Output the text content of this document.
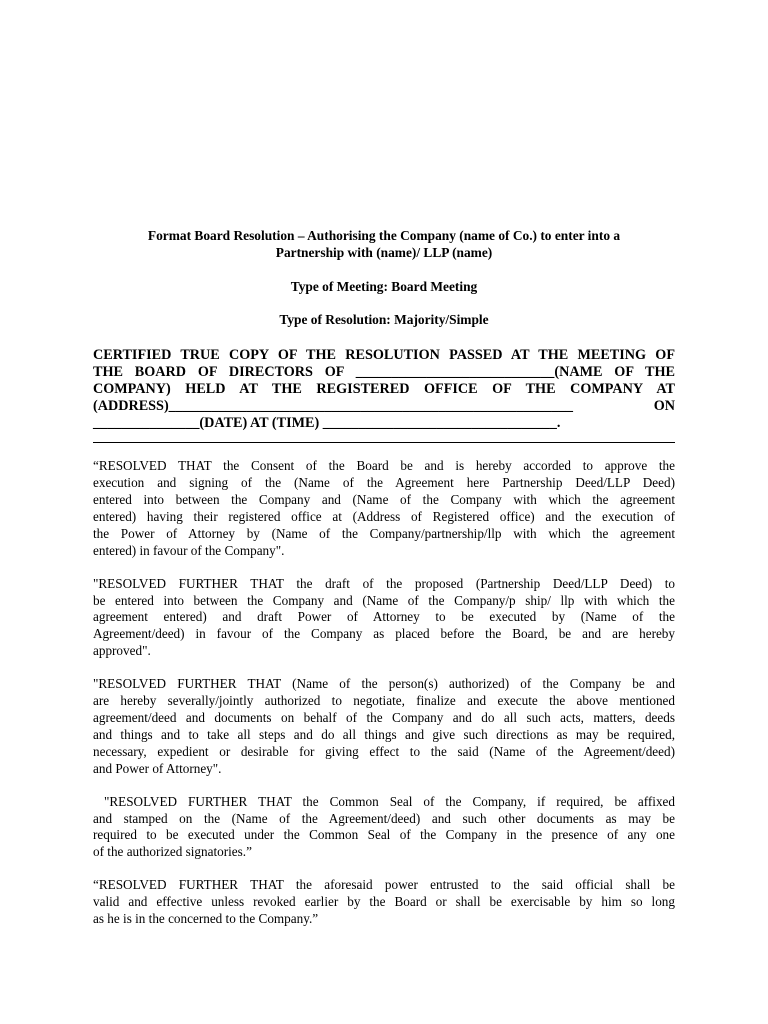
Format Board Resolution – Authorising the Company (name of Co.) to enter into a
Partnership with (name)/ LLP (name)

Type of Meeting: Board Meeting

Type of Resolution: Majority/Simple

CERTIFIED TRUE COPY OF THE RESOLUTION PASSED AT THE MEETING OF
THE BOARD OF DIRECTORS OF ____________________________(NAME OF THE
COMPANY) HELD AT THE REGISTERED OFFICE OF THE COMPANY AT
(ADDRESS)_________________________________________________________ ON
_______________(DATE) AT (TIME) _________________________________.
“RESOLVED THAT the Consent of the Board be and is hereby accorded to approve the
execution and signing of the (Name of the Agreement here Partnership Deed/LLP Deed)
entered into between the Company and (Name of the Company with which the agreement
entered) having their registered office at (Address of Registered office) and the execution of
the Power of Attorney by (Name of the Company/partnership/llp with which the agreement
entered) in favour of the Company".
"RESOLVED FURTHER THAT the draft of the proposed (Partnership Deed/LLP Deed) to
be entered into between the Company and (Name of the Company/p ship/ llp with which the
agreement entered) and draft Power of Attorney to be executed by (Name of the
Agreement/deed) in favour of the Company as placed before the Board, be and are hereby
approved".
"RESOLVED FURTHER THAT (Name of the person(s) authorized) of the Company be and
are hereby severally/jointly authorized to negotiate, finalize and execute the above mentioned
agreement/deed and documents on behalf of the Company and do all such acts, matters, deeds
and things and to take all steps and do all things and give such directions as may be required,
necessary, expedient or desirable for giving effect to the said (Name of the Agreement/deed)
and Power of Attorney".
"RESOLVED FURTHER THAT the Common Seal of the Company, if required, be affixed
and stamped on the (Name of the Agreement/deed) and such other documents as may be
required to be executed under the Common Seal of the Company in the presence of any one
of the authorized signatories.”
“RESOLVED FURTHER THAT the aforesaid power entrusted to the said official shall be
valid and effective unless revoked earlier by the Board or shall be exercisable by him so long
as he is in the concerned to the Company.”
